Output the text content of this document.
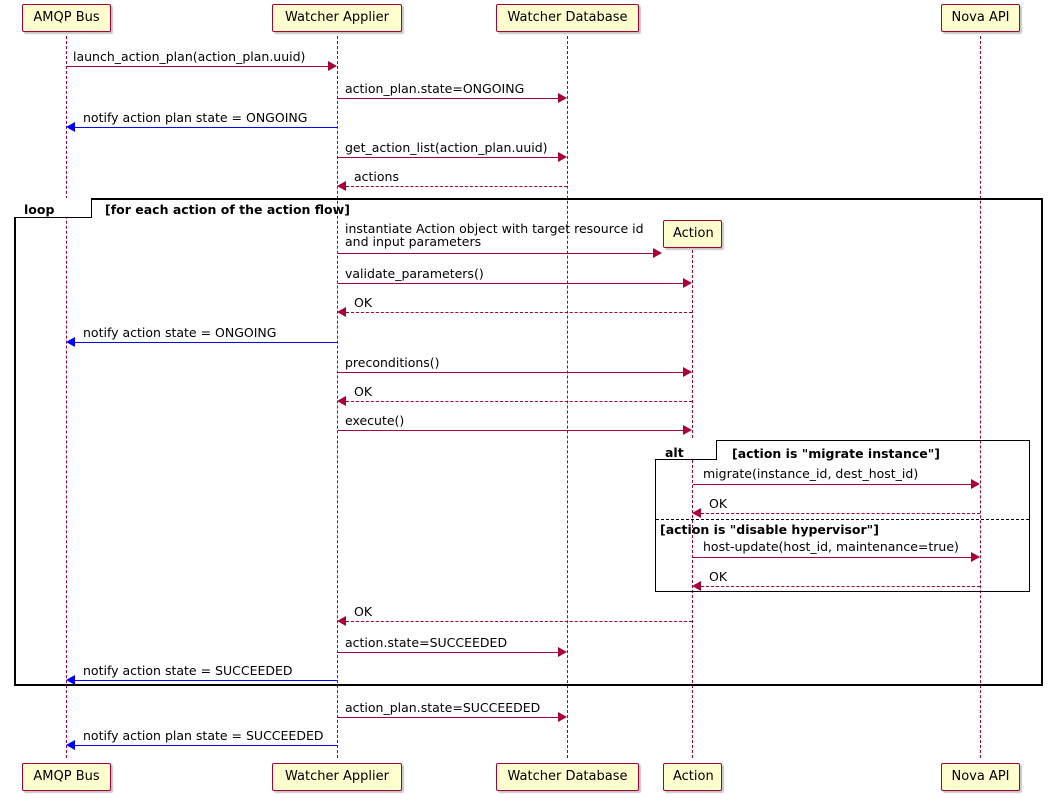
AMQP Bus	Watcher Applier	Watcher Database	Nova API
Action
AMQP Bus	Watcher Applier	Watcher Database	Action	Nova API
loop	[for each action of the action flow]
alt	[action is "migrate instance"]
[action is "disable hypervisor"]
launch_action_plan(action_plan.uuid)
action_plan.state=ONGOING
notify action plan state = ONGOING
get_action_list(action_plan.uuid)
actions
instantiate Action object with target resource id and input parameters
validate_parameters()
OK
notify action state = ONGOING
preconditions()
OK
execute()
migrate(instance_id, dest_host_id)
OK
host-update(host_id, maintenance=true)
OK
OK
action.state=SUCCEEDED
notify action state = SUCCEEDED
action_plan.state=SUCCEEDED
notify action plan state = SUCCEEDED
